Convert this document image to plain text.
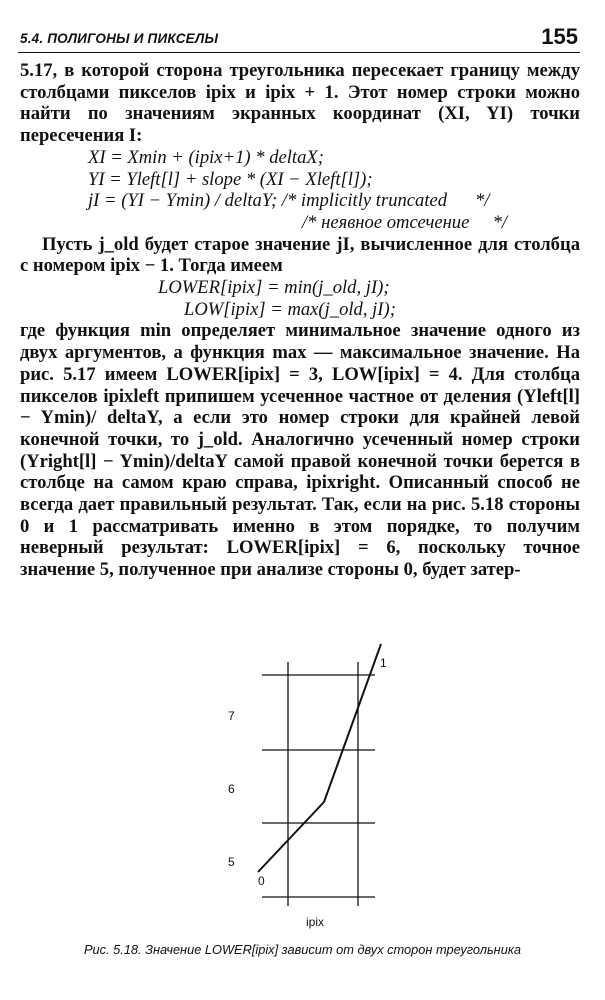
5.4. ПОЛИГОНЫ И ПИКСЕЛЫ	155

5.17, в которой сторона треугольника пересекает границу между столбцами пикселов ipix и ipix + 1. Этот номер строки можно найти по значениям экранных координат (XI, YI) точки пересечения I:

XI = Xmin + (ipix+1) * deltaX;
YI = Yleft[l] + slope * (XI − Xleft[l]);
jI = (YI − Ymin) / deltaY; /* implicitly truncated      */
/* неявное отсечение     */

Пусть j_old будет старое значение jI, вычисленное для столбца с номером ipix − 1. Тогда имеем

LOWER[ipix] = min(j_old, jI);
LOW[ipix] = max(j_old, jI);

где функция min определяет минимальное значение одного из двух аргументов, а функция max — максимальное значение. На рис. 5.17 имеем LOWER[ipix] = 3, LOW[ipix] = 4. Для столбца пикселов ipixleft припишем усеченное частное от деления (Yleft[l] − Ymin)/ deltaY, а если это номер строки для крайней левой конечной точки, то j_old. Аналогично усеченный номер строки (Yright[l] − Ymin)/deltaY самой правой конечной точки берется в столбце на самом краю справа, ipixright. Описанный способ не всегда дает правильный результат. Так, если на рис. 5.18 стороны 0 и 1 рассматривать именно в этом порядке, то получим неверный результат: LOWER[ipix] = 6, поскольку точное значение 5, полученное при анализе стороны 0, будет затер-

7
6
5
0
1
ipix
Рис. 5.18. Значение LOWER[ipix] зависит от двух сторон треугольника
